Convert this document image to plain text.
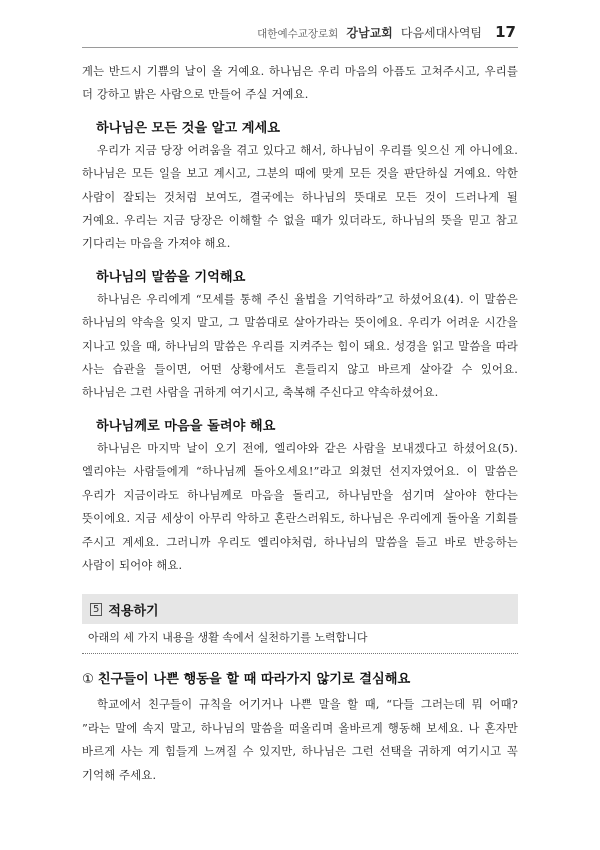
대한예수교장로회 강남교회 다음세대사역팀 17

게는 반드시 기쁨의 날이 올 거예요. 하나님은 우리 마음의 아픔도 고쳐주시고, 우리를 더 강하고 밝은 사람으로 만들어 주실 거예요.

하나님은 모든 것을 알고 계세요

우리가 지금 당장 어려움을 겪고 있다고 해서, 하나님이 우리를 잊으신 게 아니에요. 하나님은 모든 일을 보고 계시고, 그분의 때에 맞게 모든 것을 판단하실 거예요. 악한 사람이 잘되는 것처럼 보여도, 결국에는 하나님의 뜻대로 모든 것이 드러나게 될 거예요. 우리는 지금 당장은 이해할 수 없을 때가 있더라도, 하나님의 뜻을 믿고 참고 기다리는 마음을 가져야 해요.

하나님의 말씀을 기억해요

하나님은 우리에게 “모세를 통해 주신 율법을 기억하라”고 하셨어요(4). 이 말씀은 하나님의 약속을 잊지 말고, 그 말씀대로 살아가라는 뜻이에요. 우리가 어려운 시간을 지나고 있을 때, 하나님의 말씀은 우리를 지켜주는 힘이 돼요. 성경을 읽고 말씀을 따라 사는 습관을 들이면, 어떤 상황에서도 흔들리지 않고 바르게 살아갈 수 있어요. 하나님은 그런 사람을 귀하게 여기시고, 축복해 주신다고 약속하셨어요.

하나님께로 마음을 돌려야 해요

하나님은 마지막 날이 오기 전에, 엘리야와 같은 사람을 보내겠다고 하셨어요(5). 엘리야는 사람들에게 “하나님께 돌아오세요!”라고 외쳤던 선지자였어요. 이 말씀은 우리가 지금이라도 하나님께로 마음을 돌리고, 하나님만을 섬기며 살아야 한다는 뜻이에요. 지금 세상이 아무리 악하고 혼란스러워도, 하나님은 우리에게 돌아올 기회를 주시고 계세요. 그러니까 우리도 엘리야처럼, 하나님의 말씀을 듣고 바로 반응하는 사람이 되어야 해요.

5 적용하기

아래의 세 가지 내용을 생활 속에서 실천하기를 노력합니다

① 친구들이 나쁜 행동을 할 때 따라가지 않기로 결심해요

학교에서 친구들이 규칙을 어기거나 나쁜 말을 할 때, “다들 그러는데 뭐 어때? ”라는 말에 속지 말고, 하나님의 말씀을 떠올리며 올바르게 행동해 보세요. 나 혼자만 바르게 사는 게 힘들게 느껴질 수 있지만, 하나님은 그런 선택을 귀하게 여기시고 꼭 기억해 주세요.
